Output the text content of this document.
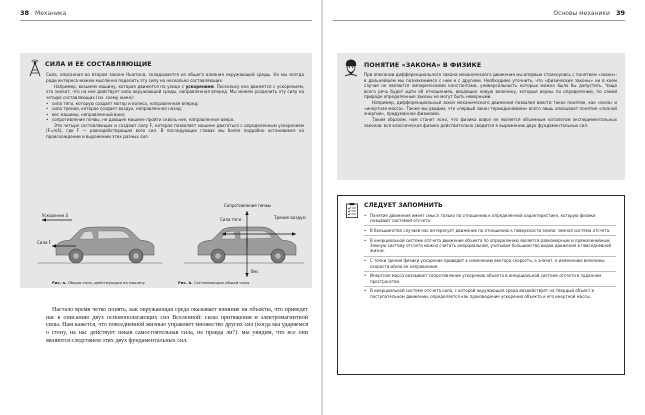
38 Механика
СИЛА И ЕЕ СОСТАВЛЯЮЩИЕ

Сила, описанная во втором законе Ньютона, складывается из общего влияния окружающей среды. Но мы всегда ради интереса можем мысленно поделить эту силу на несколько составляющих.

Например, возьмем машину, которая движется по улице с ускорением. Поскольку оно движется с ускорением, это значит, что на нее действует сила окружающей среды, направленная вперед. Мы можем разделить эту силу на четыре составляющих (см. схему ниже):

• сила тяги, которую создает мотор и колеса, направленная вперед;
• сила трения, которое создает воздух, направленная назад;
• вес машины, направленный вниз;
• сопротивление почвы, не дающее машине пройти сквозь нее, направленное вверх.

Эти четыре составляющих и создают силу F, которая позволяет машине двигаться с определенным ускорением (F=mā), где F — равнодействующая всех сил. В последующих главах мы более подробно остановимся на происхождении и выражении этих разных сил.

Ускорение ā
Сила F
Сопротивление почвы
Сила тяги	Трение воздуха
Вес
Рис. a. Общая сила, действующая на машину	Рис. b. Составляющие общей силы
Настало время четко понять, как окружающая среда оказывает влияние на объекты, что приведет нас к описанию двух основополагающих сил Вселенной: силы притяжения и электромагнитной силы. Нам кажется, что повседневной жизнью управляет множество других сил (когда мы ударяемся о стену, на нас действует некая самостоятельная сила, не правда ли?): мы увидим, что все они являются следствием этих двух фундаментальных сил.
Основы механики 39
ПОНЯТИЕ «ЗАКОНА» В ФИЗИКЕ

При описании дифференциального закона механического движения мы впервые столкнулись с понятием «закон»: в дальнейшем мы познакомимся с ним и с другими. Необходимо уточнить, что «физические законы» ни в коем случае не являются эмпирическими константами, универсальность которых можно было бы допустить. Чаще всего речь будет идти об отношениях, вводящих новую величину, которые верны по определению, по самой природе определенные законы не могут быть неверными.

Например, дифференциальный закон механического движения позволил ввести такое понятие, как «сила» и «инертная масса». Также мы увидим, что «первый закон термодинамики» всего лишь описывает понятие «полной энергии», придуманное физиками.

Таким образом, нам станет ясно, что физика вовсе не является объемным каталогом экспериментальных законов: вся классическая физика действительно сводится к выражению двух фундаментальных сил.

СЛЕДУЕТ ЗАПОМНИТЬ
• Понятие движения имеет смысл только по отношению к определенной характеристике, которую физики называют системой отсчета.
• В большинстве случаев нас интересует движение по отношению к поверхности земли: земная система отсчета.
• В инерциальной системе отсчета движение объекта по определению является равномерным и прямолинейным. Земную систему отсчета можно считать инерциальной, учитывая большинство видов движения в повседневной жизни.
• С точки зрения физики ускорение приводит к изменению вектора скорости, а значит, к изменению величины скорости и/или ее направления.
• Инертная масса оказывает сопротивление ускорению объекта в инерциальной системе отсчета в заданном пространстве.
• В инерциальной системе отсчета сила, с которой окружающая среда воздействует на твердый объект в поступательном движении, определяется как произведение ускорения объекта и его инертной массы.
